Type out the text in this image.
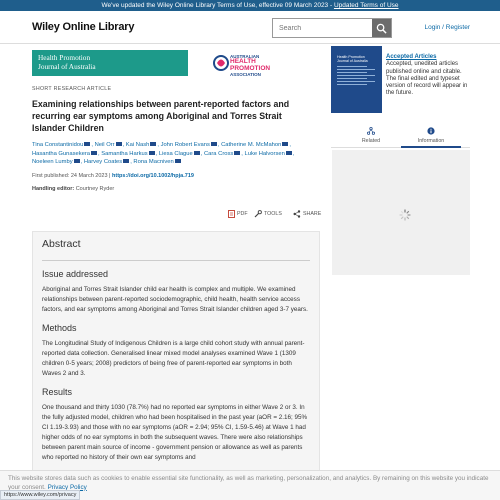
We've updated the Wiley Online Library Terms of Use, effective 09 March 2023 - Updated Terms of Use
Wiley Online Library
Search	Login / Register
Health Promotion
Journal of Australia
AUSTRALIAN
HEALTH
PROMOTION
ASSOCIATION
SHORT RESEARCH ARTICLE
Examining relationships between parent-reported factors and recurring ear symptoms among Aboriginal and Torres Strait Islander Children
Tina Constantinidou , Neil Orr , Kai Nash , John Robert Evans , Catherine M. McMahon , Hasantha Gunasekera , Samantha Harkus , Liesa Clague , Cara Cross , Luke Halvorsen , Noeleen Lumby , Harvey Coates , Rona Macniven
First published: 24 March 2023 | https://doi.org/10.1002/hpja.719
Handling editor: Courtney Ryder
PDF	TOOLS	SHARE
Abstract
Issue addressed

Aboriginal and Torres Strait Islander child ear health is complex and multiple. We examined relationships between parent-reported sociodemographic, child health, health service access factors, and ear symptoms among Aboriginal and Torres Strait Islander children aged 3-7 years.

Methods

The Longitudinal Study of Indigenous Children is a large child cohort study with annual parent-reported data collection. Generalised linear mixed model analyses examined Wave 1 (1309 children 0-5 years; 2008) predictors of being free of parent-reported ear symptoms in both Waves 2 and 3.

Results

One thousand and thirty 1030 (78.7%) had no reported ear symptoms in either Wave 2 or 3. In the fully adjusted model, children who had been hospitalised in the past year (aOR = 2.16; 95% CI 1.19-3.93) and those with no ear symptoms (aOR = 2.94; 95% CI, 1.59-5.46) at Wave 1 had higher odds of no ear symptoms in both the subsequent waves. There were also relationships between parent main source of income - government pension or allowance as well as parents who reported no history of their own ear symptoms and

Health Promotion Journal of Australia
Accepted Articles
Accepted, unedited articles published online and citable. The final edited and typeset version of record will appear in the future.
Related	Information
This website stores data such as cookies to enable essential site functionality, as well as marketing, personalization, and analytics. By remaining on this website you indicate your consent. Privacy Policy
https://www.wiley.com/privacy
